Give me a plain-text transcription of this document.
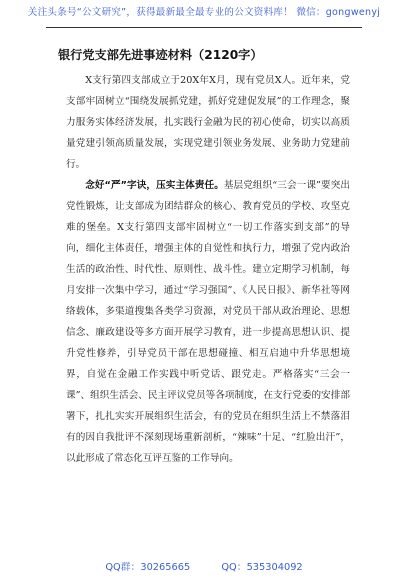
关注头条号“公文研究”，获得最新最全最专业的公文资料库！ 微信：gongwenyj
银行党支部先进事迹材料（2120字）

X支行第四支部成立于20X年X月，现有党员X人。近年来，党支部牢固树立“围绕发展抓党建，抓好党建促发展”的工作理念，聚力服务实体经济发展，扎实践行金融为民的初心使命，切实以高质量党建引领高质量发展，实现党建引领业务发展、业务助力党建前行。

念好“严”字诀，压实主体责任。基层党组织“三会一课”要突出党性锻炼，让支部成为团结群众的核心、教育党员的学校、攻坚克难的堡垒。X支行第四支部牢固树立“一切工作落实到支部”的导向，细化主体责任，增强主体的自觉性和执行力，增强了党内政治生活的政治性、时代性、原则性、战斗性。建立定期学习机制，每月安排一次集中学习，通过“学习强国”、《人民日报》、新华社等网络载体，多渠道搜集各类学习资源，对党员干部从政治理论、思想信念、廉政建设等多方面开展学习教育，进一步提高思想认识、提升党性修养，引导党员干部在思想碰撞、相互启迪中升华思想境界，自觉在金融工作实践中听党话、跟党走。严格落实“三会一课”、组织生活会、民主评议党员等各项制度，在支行党委的安排部署下，扎扎实实开展组织生活会，有的党员在组织生活上不禁落泪有的因自我批评不深刻现场重新剖析，“辣味”十足、“红脸出汗”，以此形成了常态化互评互鉴的工作导向。

QQ群：30265665	QQ：535304092
